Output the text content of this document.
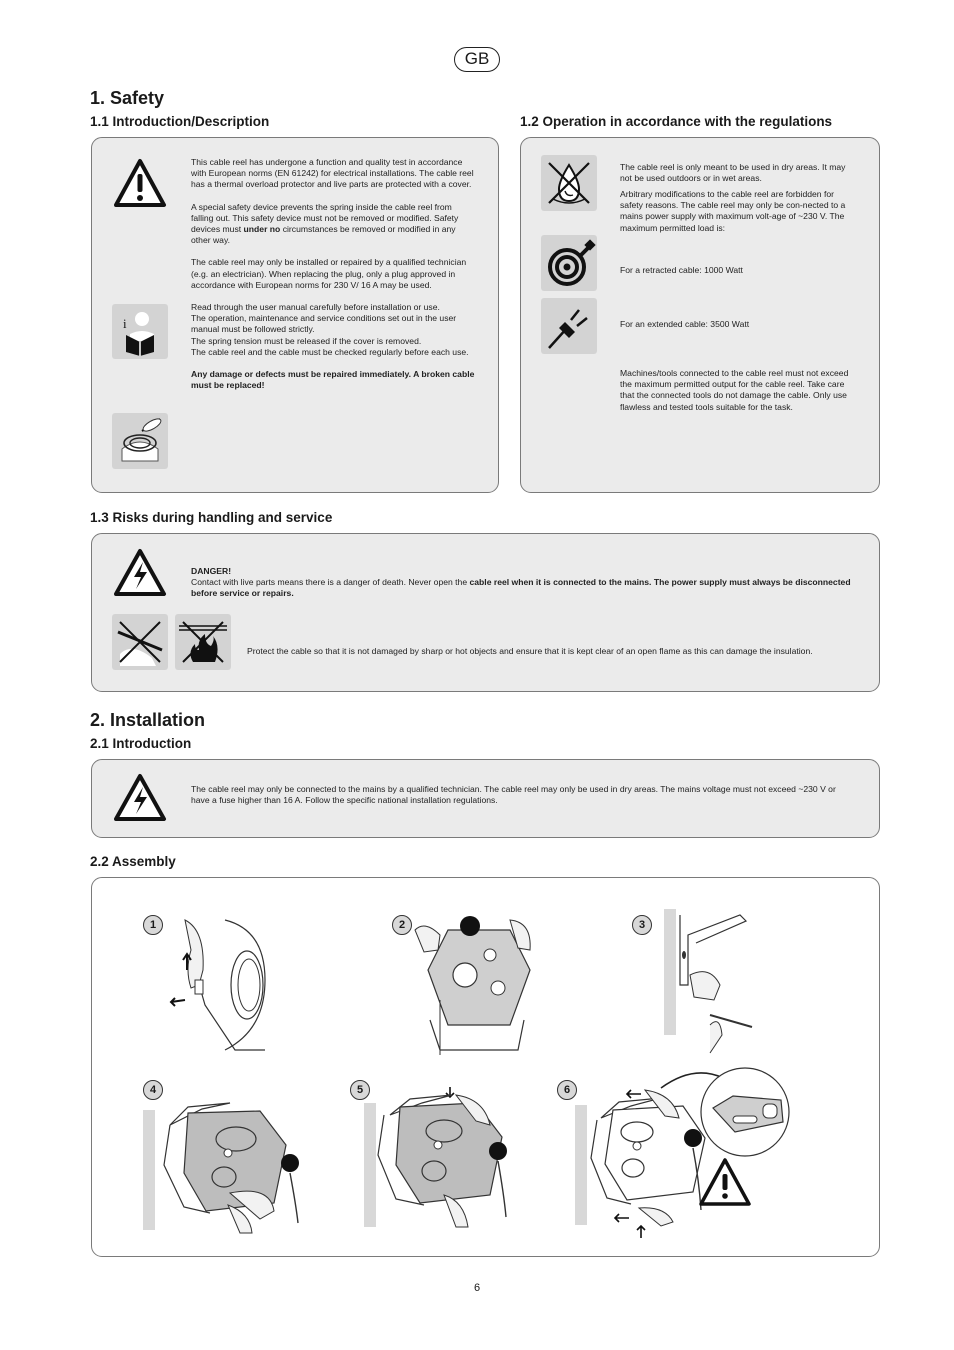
GB
1. Safety
1.1 Introduction/Description
i

This cable reel has undergone a function and quality test in accordance with European norms (EN 61242) for electrical installations. The cable reel has a thermal overload protector and live parts are protected with a cover.

A special safety device prevents the spring inside the cable reel from falling out. This safety device must not be removed or modified. Safety devices must under no circumstances be removed or modified in any other way.

The cable reel may only be installed or repaired by a qualified technician (e.g. an electrician). When replacing the plug, only a plug approved in accordance with European norms for 230 V/ 16 A may be used.

Read through the user manual carefully before installation or use.
The operation, maintenance and service conditions set out in the user manual must be followed strictly.
The spring tension must be released if the cover is removed.
The cable reel and the cable must be checked regularly before each use.

Any damage or defects must be repaired immediately. A broken cable must be replaced!

1.2 Operation in accordance with the regulations
The cable reel is only meant to be used in dry areas. It may not be used outdoors or in wet areas.
Arbitrary modifications to the cable reel are forbidden for safety reasons. The cable reel may only be con-nected to a mains power supply with maximum volt-age of ~230 V. The maximum permitted load is:
For a retracted cable: 1000 Watt
For an extended cable: 3500 Watt
Machines/tools connected to the cable reel must not exceed the maximum permitted output for the cable reel. Take care that the connected tools do not damage the cable. Only use flawless and tested tools suitable for the task.
1.3 Risks during handling and service
DANGER!
Contact with live parts means there is a danger of death. Never open the cable reel when it is connected to the mains. The power supply must always be disconnected before service or repairs.
Protect the cable so that it is not damaged by sharp or hot objects and ensure that it is kept clear of an open flame as this can damage the insulation.
2. Installation
2.1 Introduction
The cable reel may only be connected to the mains by a qualified technician. The cable reel may only be used in dry areas. The mains voltage must not exceed ~230 V or have a fuse higher than 16 A. Follow the specific national installation regulations.
2.2 Assembly
1	2	3
4	5	6
6
